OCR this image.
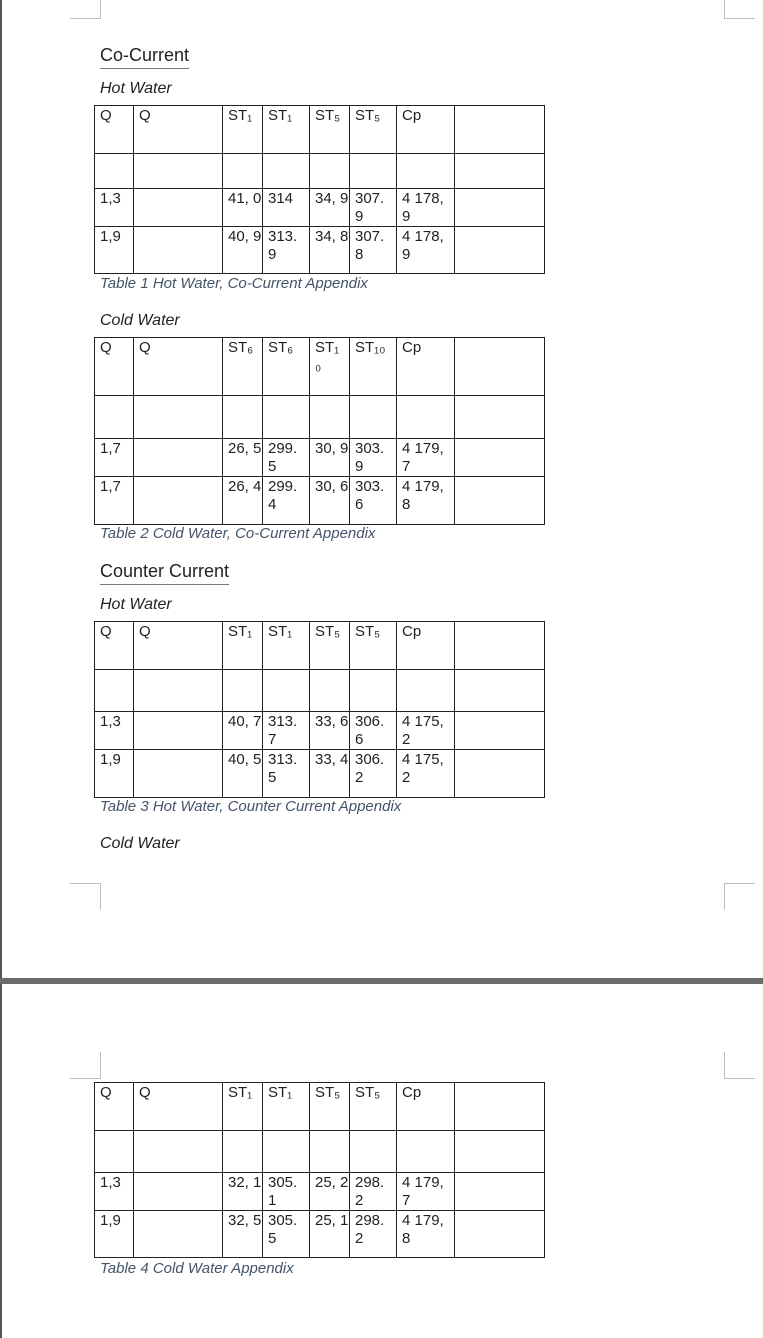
Co-Current
Hot Water
Q	Q	ST₁	ST₁	ST₅	ST₅	Cp	

1,3		41, 0	314	34, 9	307. 9	4 178,9	
1,9		40, 9	313. 9	34, 8	307. 8	4 178,9	
Table 1 Hot Water, Co-Current Appendix
Cold Water
Q	Q	ST₆	ST₆	ST₁ ₀	ST₁₀	Cp	

1,7		26, 5	299. 5	30, 9	303. 9	4 179,7	
1,7		26, 4	299. 4	30, 6	303. 6	4 179,8	
Table 2 Cold Water, Co-Current Appendix
Counter Current
Hot Water
Q	Q	ST₁	ST₁	ST₅	ST₅	Cp	

1,3		40, 7	313. 7	33, 6	306. 6	4 175,2	
1,9		40, 5	313. 5	33, 4	306. 2	4 175,2	
Table 3 Hot Water, Counter Current Appendix
Cold Water
Q	Q	ST₁	ST₁	ST₅	ST₅	Cp	

1,3		32, 1	305. 1	25, 2	298. 2	4 179,7	
1,9		32, 5	305. 5	25, 1	298. 2	4 179,8	
Table 4 Cold Water Appendix
